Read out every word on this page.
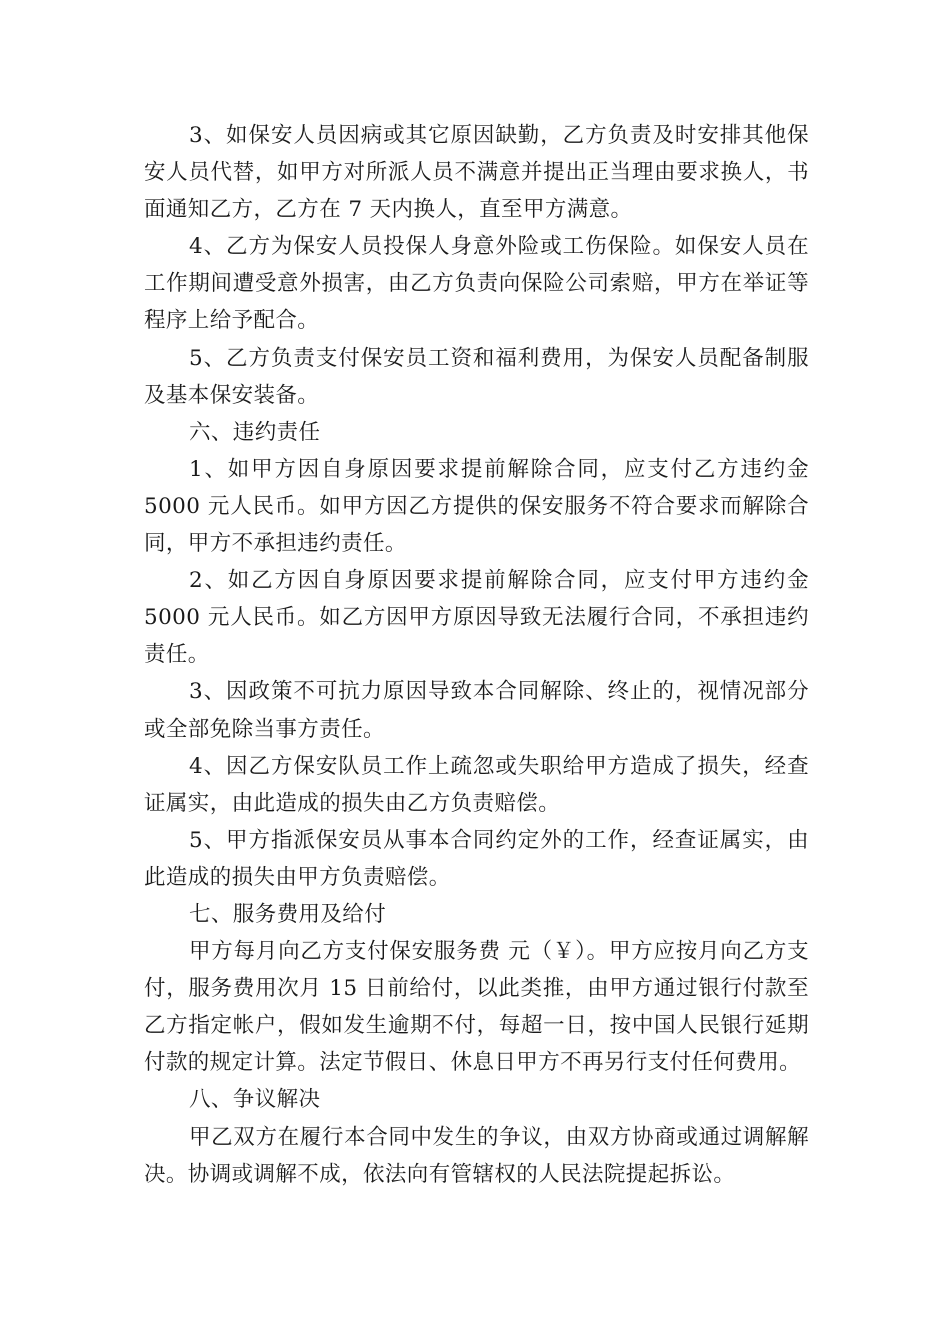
3、如保安人员因病或其它原因缺勤，乙方负责及时安排其他保安人员代替，如甲方对所派人员不满意并提出正当理由要求换人，书面通知乙方，乙方在 7 天内换人，直至甲方满意。

4、乙方为保安人员投保人身意外险或工伤保险。如保安人员在工作期间遭受意外损害，由乙方负责向保险公司索赔，甲方在举证等程序上给予配合。

5、乙方负责支付保安员工资和福利费用，为保安人员配备制服及基本保安装备。

六、违约责任

1、如甲方因自身原因要求提前解除合同，应支付乙方违约金 5000 元人民币。如甲方因乙方提供的保安服务不符合要求而解除合同，甲方不承担违约责任。

2、如乙方因自身原因要求提前解除合同，应支付甲方违约金 5000 元人民币。如乙方因甲方原因导致无法履行合同，不承担违约责任。

3、因政策不可抗力原因导致本合同解除、终止的，视情况部分或全部免除当事方责任。

4、因乙方保安队员工作上疏忽或失职给甲方造成了损失，经查证属实，由此造成的损失由乙方负责赔偿。

5、甲方指派保安员从事本合同约定外的工作，经查证属实，由此造成的损失由甲方负责赔偿。

七、服务费用及给付

甲方每月向乙方支付保安服务费 元（￥）。甲方应按月向乙方支付，服务费用次月 15 日前给付，以此类推，由甲方通过银行付款至乙方指定帐户，假如发生逾期不付，每超一日，按中国人民银行延期付款的规定计算。法定节假日、休息日甲方不再另行支付任何费用。

八、争议解决

甲乙双方在履行本合同中发生的争议，由双方协商或通过调解解决。协调或调解不成，依法向有管辖权的人民法院提起拆讼。
